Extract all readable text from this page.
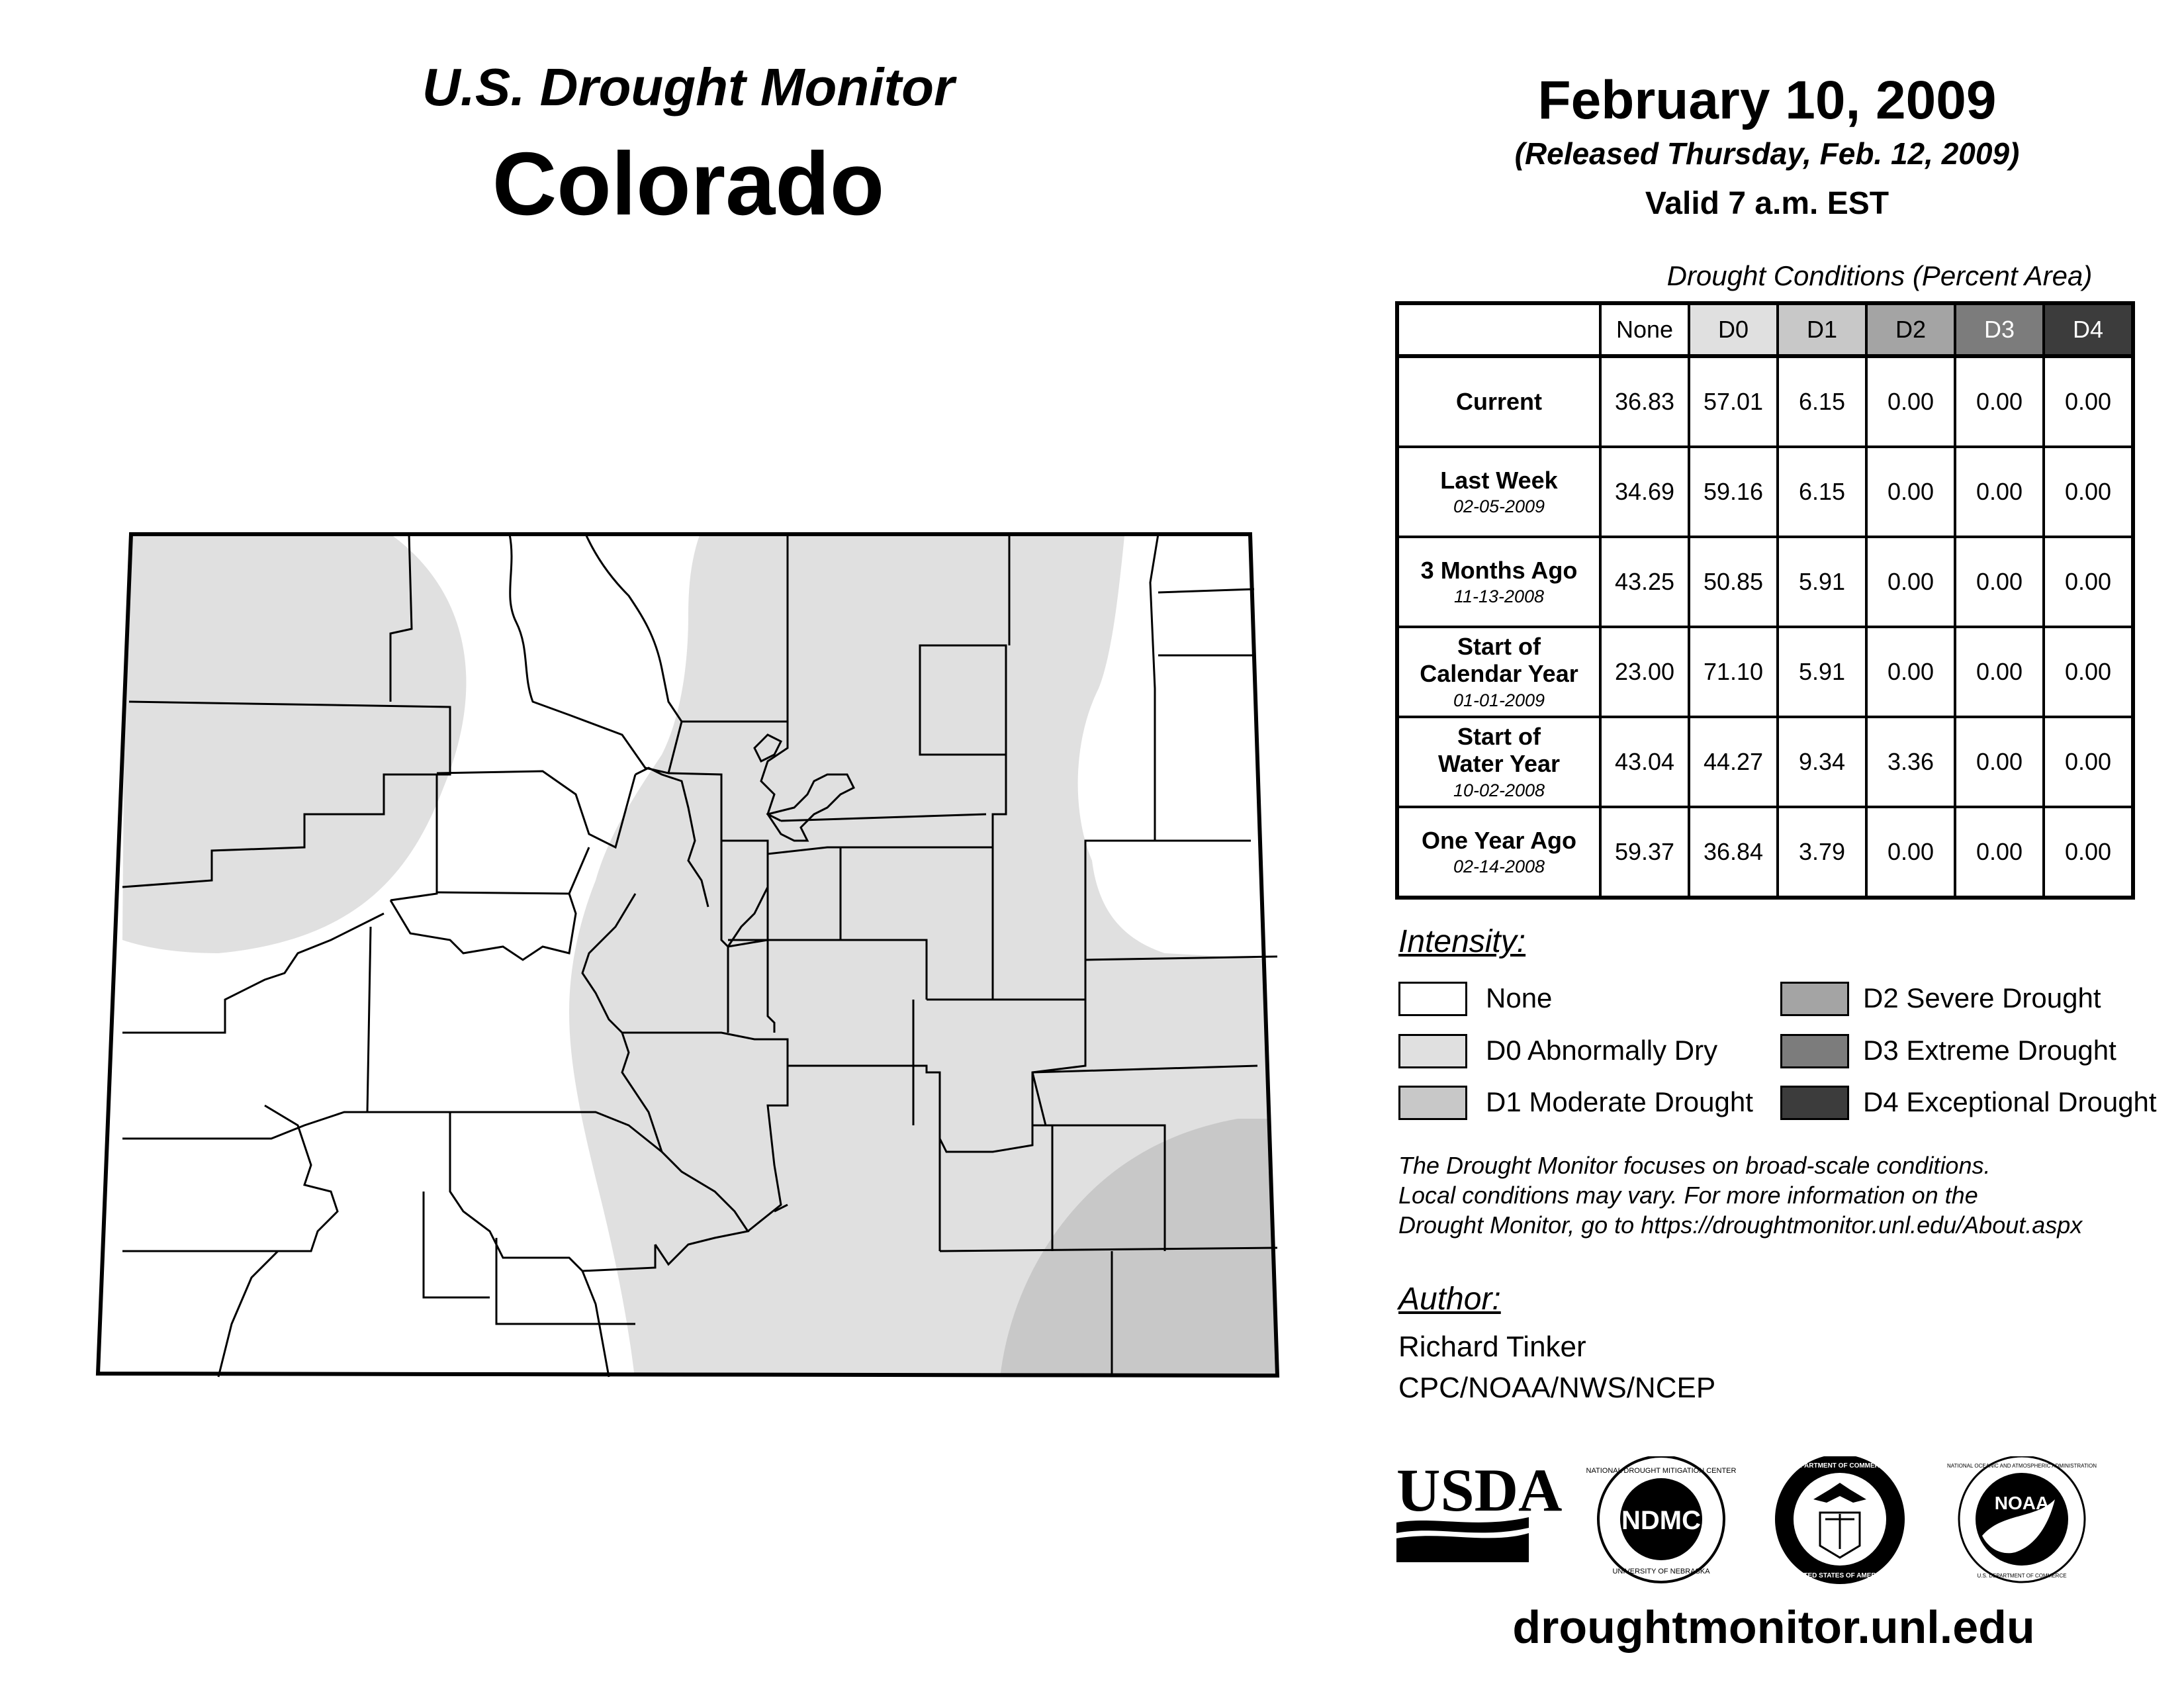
U.S. Drought Monitor
Colorado
February 10, 2009
(Released Thursday, Feb. 12, 2009)
Valid 7 a.m. EST
Drought Conditions (Percent Area)
	None	D0	D1	D2	D3	D4
Current	36.83	57.01	6.15	0.00	0.00	0.00
Last Week
02-05-2009	34.69	59.16	6.15	0.00	0.00	0.00
3 Months Ago
11-13-2008	43.25	50.85	5.91	0.00	0.00	0.00
Start of Calendar Year
01-01-2009	23.00	71.10	5.91	0.00	0.00	0.00
Start of Water Year
10-02-2008	43.04	44.27	9.34	3.36	0.00	0.00
One Year Ago
02-14-2008	59.37	36.84	3.79	0.00	0.00	0.00
Intensity:
None
D0 Abnormally Dry
D1 Moderate Drought
D2 Severe Drought
D3 Extreme Drought
D4 Exceptional Drought
The Drought Monitor focuses on broad-scale conditions.
Local conditions may vary. For more information on the
Drought Monitor, go to https://droughtmonitor.unl.edu/About.aspx
Author:
Richard Tinker
CPC/NOAA/NWS/NCEP
USDA NDMC
NATIONAL DROUGHT MITIGATION CENTER
UNIVERSITY OF NEBRASKA
DEPARTMENT OF COMMERCE
UNITED STATES OF AMERICA
NOAA
NATIONAL OCEANIC AND ATMOSPHERIC ADMINISTRATION
U.S. DEPARTMENT OF COMMERCE
droughtmonitor.unl.edu
